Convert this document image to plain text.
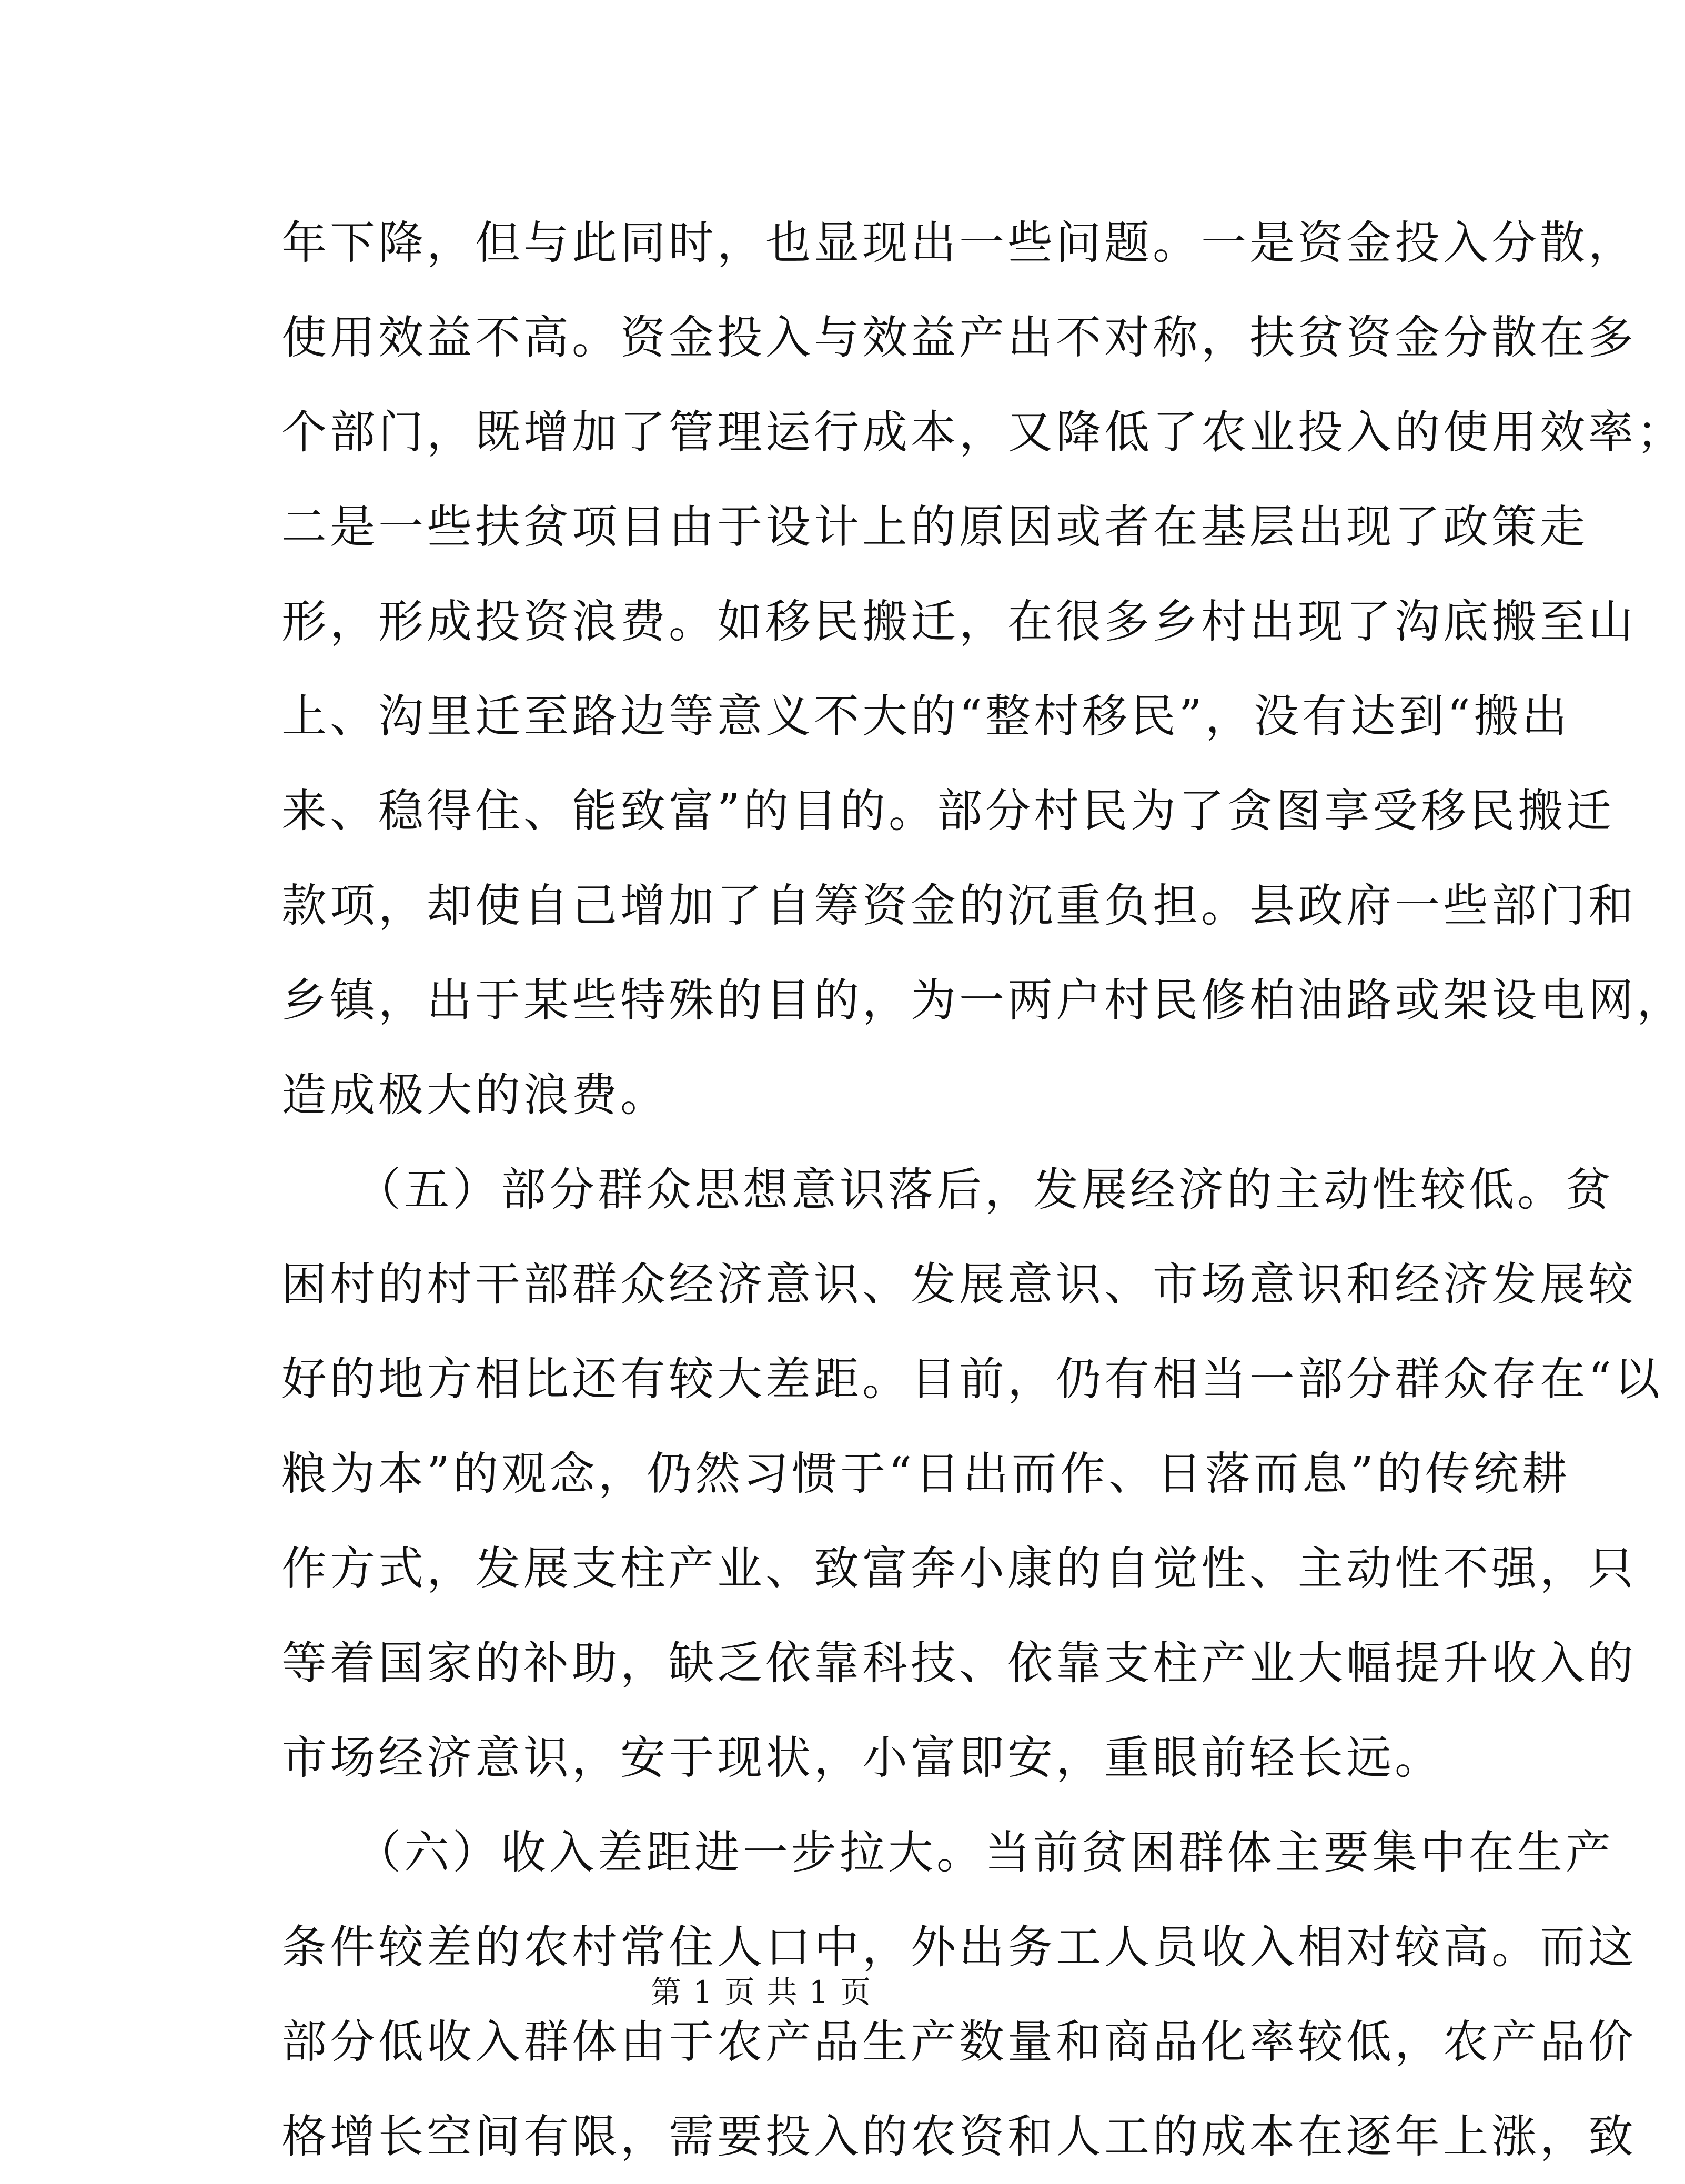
年下降，但与此同时，也显现出一些问题。一是资金投入分散，
使用效益不高。资金投入与效益产出不对称，扶贫资金分散在多
个部门，既增加了管理运行成本，又降低了农业投入的使用效率；
二是一些扶贫项目由于设计上的原因或者在基层出现了政策走
形，形成投资浪费。如移民搬迁，在很多乡村出现了沟底搬至山
上、沟里迁至路边等意义不大的“整村移民”，没有达到“搬出
来、稳得住、能致富”的目的。部分村民为了贪图享受移民搬迁
款项，却使自己增加了自筹资金的沉重负担。县政府一些部门和
乡镇，出于某些特殊的目的，为一两户村民修柏油路或架设电网，
造成极大的浪费。
　　（五）部分群众思想意识落后，发展经济的主动性较低。贫
困村的村干部群众经济意识、发展意识、市场意识和经济发展较
好的地方相比还有较大差距。目前，仍有相当一部分群众存在“以
粮为本”的观念，仍然习惯于“日出而作、日落而息”的传统耕
作方式，发展支柱产业、致富奔小康的自觉性、主动性不强，只
等着国家的补助，缺乏依靠科技、依靠支柱产业大幅提升收入的
市场经济意识，安于现状，小富即安，重眼前轻长远。
　　（六）收入差距进一步拉大。当前贫困群体主要集中在生产
条件较差的农村常住人口中，外出务工人员收入相对较高。而这
部分低收入群体由于农产品生产数量和商品化率较低，农产品价
格增长空间有限，需要投入的农资和人工的成本在逐年上涨，致
第 1 页 共 1 页
